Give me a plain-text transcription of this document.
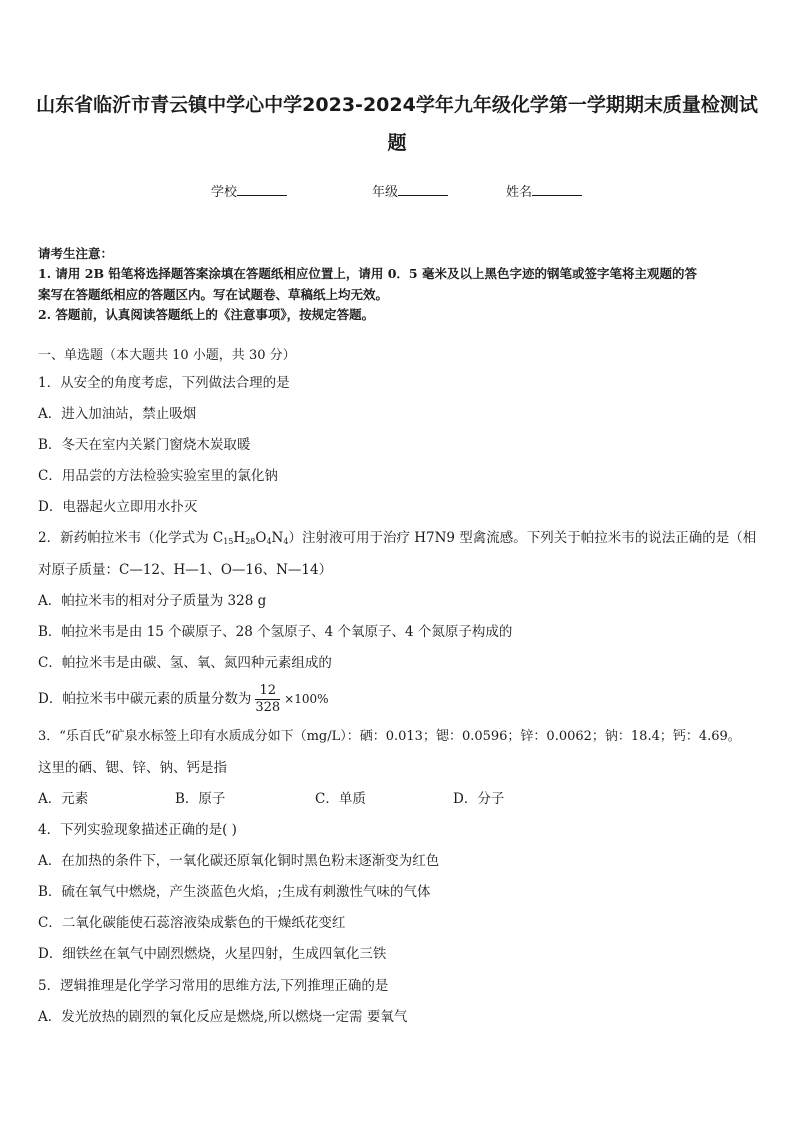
山东省临沂市青云镇中学心中学2023-2024学年九年级化学第一学期期末质量检测试题
学校	年级	姓名
请考生注意：
1. 请用 2B 铅笔将选择题答案涂填在答题纸相应位置上，请用 0．5 毫米及以上黑色字迹的钢笔或签字笔将主观题的答
案写在答题纸相应的答题区内。写在试题卷、草稿纸上均无效。
2. 答题前，认真阅读答题纸上的《注意事项》，按规定答题。
一、单选题（本大题共 10 小题，共 30 分）
1．从安全的角度考虑，下列做法合理的是
A．进入加油站，禁止吸烟
B．冬天在室内关紧门窗烧木炭取暖
C．用品尝的方法检验实验室里的氯化钠
D．电器起火立即用水扑灭
2．新药帕拉米韦（化学式为 $C_{15}H_{28}O_4N_4$）注射液可用于治疗 H7N9 型禽流感。下列关于帕拉米韦的说法正确的是（相
对原子质量：C—12、H—1、O—16、N—14）
A．帕拉米韦的相对分子质量为 328 g
B．帕拉米韦是由 15 个碳原子、28 个氢原子、4 个氧原子、4 个氮原子构成的
C．帕拉米韦是由碳、氢、氧、氮四种元素组成的
D．帕拉米韦中碳元素的质量分数为 $\frac{12}{328} \times 100\%$
3．“乐百氏”矿泉水标签上印有水质成分如下（mg/L）：硒：0.013；锶：0.0596；锌：0.0062；钠：18.4；钙：4.69。
这里的硒、锶、锌、钠、钙是指
A．元素	B．原子	C．单质	D．分子
4．下列实验现象描述正确的是( )
A．在加热的条件下，一氧化碳还原氧化铜时黑色粉末逐渐变为红色
B．硫在氧气中燃烧，产生淡蓝色火焰，;生成有刺激性气味的气体
C．二氧化碳能使石蕊溶液染成紫色的干燥纸花变红
D．细铁丝在氧气中剧烈燃烧，火星四射，生成四氧化三铁
5．逻辑推理是化学学习常用的思维方法,下列推理正确的是
A．发光放热的剧烈的氧化反应是燃烧,所以燃烧一定需 要氧气
